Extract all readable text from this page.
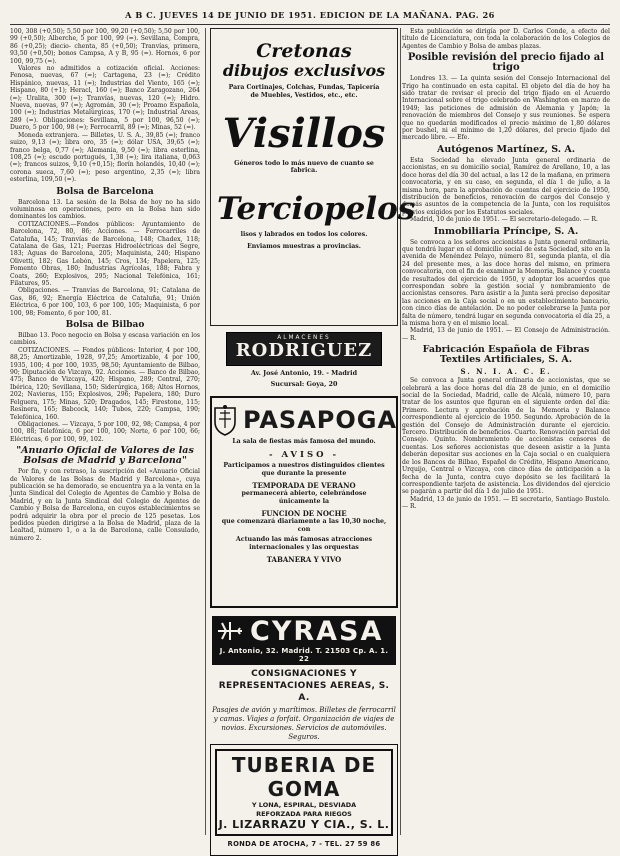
A B C. JUEVES 14 DE JUNIO DE 1951. EDICION DE LA MAÑANA. PAG. 26

100, 308 (+0,50); 5,50 por 100, 99,20 (+0,50); 5,50 por 100, 99 (+0,50); Alberche, 5 por 100, 99 (=). Sevillana, Compra, 86 (+0,25); diecio- chenta, 85 (+0,50); Tranvías, primera, 93,50 (+0,50); bonos Campsa, A y B, 95 (=). Hornos, 6 por 100, 99,75 (=).

Valores no admitidos a cotización oficial. Acciones: Fenosa, nuevas, 67 (=); Cartagena, 23 (=); Crédito Hispánico, nuevas, 11 (=); Industrias del Viento, 165 (=); Hispano, 80 (+1); Heracl, 160 (=); Banco Zaragozano, 264 (=); Uralita, 300 (=); Tranvías, nuevas, 120 (=); Hidro. Nueva, nuevas, 97 (=); Agromán, 30 (=); Proamo Española, 100 (=); Industrias Metalúrgicas, 170 (=); Industrial Areas, 289 (=). Obligaciones: Sevillana, 5 por 100, 96,50 (=); Duero, 5 por 100, 98 (=); Ferrocarril, 89 (=); Minas, 52 (=).

Moneda extranjera. — Billetes, U. S. A., 39,85 (=); franco suizo, 9,13 (=); libra oro, 35 (=); dólar USA, 39,65 (=); franco belga, 0,77 (=); Alemania, 9,50 (=); libra esterlina, 108,25 (=); escudo portugués, 1,38 (=); lira italiana, 0,063 (=); francos suizos, 9,10 (+0,15); florín holandés, 10,40 (=); corona sueca, 7,60 (=); peso argentino, 2,35 (=); libra esterlina, 109,50 (=).

Bolsa de Barcelona

Barcelona 13. La sesión de la Bolsa de hoy no ha sido voluminosa en operaciones, pero en la Bolsa han sido dominantes los cambios.

COTIZACIONES.—Fondos públicos: Ayuntamiento de Barcelona, 72, 80, 86; Acciones. — Ferrocarriles de Cataluña, 145; Tranvías de Barcelona, 148; Chadex, 118; Catalana de Gas, 121; Fuerzas Hidroeléctricas del Segre, 183; Aguas de Barcelona, 205; Maquinista, 240; Hispano Olivetti, 182; Gas Lebón, 145; Cros, 134; Papelera, 125; Fomento Obras, 180; Industrias Agrícolas, 188; Fabra y Coats, 260; Explosivos, 295; Nacional Telefónica, 161; Filatures, 95.

Obligaciones. — Tranvías de Barcelona, 91; Catalana de Gas, 86, 92; Energía Eléctrica de Cataluña, 91; Unión Eléctrica, 6 por 100, 103, 6 por 100, 105; Maquinista, 6 por 100, 98; Fomento, 6 por 100, 81.

Bolsa de Bilbao

Bilbao 13. Poco negocio en Bolsa y escasa variación en los cambios.

COTIZACIONES. — Fondos públicos: Interior, 4 por 100, 88,25; Amortizable, 1928, 97,25; Amortizable, 4 por 100, 1935, 100; 4 por 100, 1935, 98,50; Ayuntamiento de Bilbao, 90; Diputación de Vizcaya, 92. Acciones. — Banco de Bilbao, 475; Banco de Vizcaya, 420; Hispano, 289; Central, 270; Ibérica, 120; Sevillana, 150; Siderúrgica, 168; Altos Hornos, 202; Navieras, 155; Explosivos, 296; Papelera, 180; Duro Felguera, 175; Minas, 520; Dragados, 145; Firestone, 115; Resinera, 165; Babcock, 140; Tubos, 220; Campsa, 190; Telefónica, 160.

Obligaciones. — Vizcaya, 5 por 100, 92, 98; Campsa, 4 por 100, 88; Telefónica, 6 por 100, 100; Norte, 6 por 100, 66; Eléctricas, 6 por 100, 99, 102.

"Anuario Oficial de Valores de las Bolsas de Madrid y Barcelona"

Por fin, y con retraso, la suscripción del «Anuario Oficial de Valores de las Bolsas de Madrid y Barcelona», cuya publicación se ha demorado, se encuentra ya a la venta en la Junta Sindical del Colegio de Agentes de Cambio y Bolsa de Madrid, y en la Junta Sindical del Colegio de Agentes de Cambio y Bolsa de Barcelona, en cuyos establecimientos se podrá adquirir la obra por el precio de 125 pesetas. Los pedidos pueden dirigirse a la Bolsa de Madrid, plaza de la Lealtad, número 1, o a la de Barcelona, calle Consulado, número 2.

Cretonas

dibujos exclusivos

Para Cortinajes, Colchas, Fundas, Tapicería de Muebles, Vestidos, etc., etc.

Visillos

Géneros todo lo más nuevo de cuanto se fabrica.

Terciopelos

lisos y labrados en todos los colores.

Enviamos muestras a provincias.

ALMACENES
RODRIGUEZ
Av. José Antonio, 19. - Madrid
Sucursal: Goya, 20
PASAPOGA
La sala de fiestas más famosa del mundo.
- AVISO -
Participamos a nuestros distinguidos clientes que durante la presente
TEMPORADA DE VERANO
permanecerá abierto, celebrándose únicamente la
FUNCION DE NOCHE
que comenzará diariamente a las 10,30 noche, con
Actuando las más famosas atracciones internacionales y las orquestas
TABANERA Y VIVO
CYRASA
J. Antonio, 32. Madrid. T. 21503 Cp. A. 1. 22
CONSIGNACIONES Y REPRESENTACIONES AEREAS, S. A.
Pasajes de avión y marítimos. Billetes de ferrocarril y camas. Viajes a forfait. Organización de viajes de novios. Excursiones. Servicios de automóviles. Seguros.
TUBERIA DE GOMA
Y LONA, ESPIRAL, DESVIADA
REFORZADA PARA RIEGOS
J. LIZARRAZU Y CIA., S. L.
RONDA DE ATOCHA, 7 - TEL. 27 59 86

Esta publicación se dirigía por D. Carlos Conde, a efecto del título de Licenciatura, con toda la colaboración de los Colegios de Agentes de Cambio y Bolsa de ambas plazas.

Posible revisión del precio fijado al trigo

Londres 13. — La quinta sesión del Consejo Internacional del Trigo ha continuado en esta capital. El objeto del día de hoy ha sido tratar de revisar el precio del trigo fijado en el Acuerdo Internacional sobre el trigo celebrado en Washington en marzo de 1949; las peticiones de admisión de Alemania y Japón; la renovación de miembros del Consejo y sus reuniones. Se espera que no quedarán modificados el precio máximo de 1,80 dólares por bushel, ni el mínimo de 1,20 dólares, del precio fijado del mercado libre. — Efe.

Autógenos Martínez, S. A.

Esta Sociedad ha elevado Junta general ordinaria de accionistas, en su domicilio social, Ramírez de Arellano, 10, a las doce horas del día 30 del actual, a las 12 de la mañana, en primera convocatoria, y en su caso, en segunda, el día 1 de julio, a la misma hora, para la aprobación de cuentas del ejercicio de 1950, distribución de beneficios, renovación de cargos del Consejo y demás asuntos de la competencia de la Junta, con los requisitos previos exigidos por los Estatutos sociales.

Madrid, 10 de junio de 1951. — El secretario-delegado. — R.

Inmobiliaria Príncipe, S. A.

Se convoca a los señores accionistas a Junta general ordinaria, que tendrá lugar en el domicilio social de esta Sociedad, sito en la avenida de Menéndez Pelayo, número 81, segunda planta, el día 24 del presente mes, a las doce horas del mismo, en primera convocatoria, con el fin de examinar la Memoria, Balance y cuenta de resultados del ejercicio de 1950, y adoptar los acuerdos que correspondan sobre la gestión social y nombramiento de accionistas censores. Para asistir a la Junta será preciso depositar las acciones en la Caja social o en un establecimiento bancario, con cinco días de antelación. De no poder celebrarse la Junta por falta de número, tendrá lugar en segunda convocatoria el día 25, a la misma hora y en el mismo local.

Madrid, 13 de junio de 1951. — El Consejo de Administración. — R.

Fabricación Española de Fibras Textiles Artificiales, S. A.
S. N. I. A. C. E.

Se convoca a Junta general ordinaria de accionistas, que se celebrará a las doce horas del día 28 de junio, en el domicilio social de la Sociedad, Madrid, calle de Alcalá, número 10, para tratar de los asuntos que figuran en el siguiente orden del día: Primero. Lectura y aprobación de la Memoria y Balance correspondiente al ejercicio de 1950. Segundo. Aprobación de la gestión del Consejo de Administración durante el ejercicio. Tercero. Distribución de beneficios. Cuarto. Renovación parcial del Consejo. Quinto. Nombramiento de accionistas censores de cuentas. Los señores accionistas que deseen asistir a la Junta deberán depositar sus acciones en la Caja social o en cualquiera de los Bancos de Bilbao, Español de Crédito, Hispano Americano, Urquijo, Central o Vizcaya, con cinco días de anticipación a la fecha de la Junta, contra cuyo depósito se les facilitará la correspondiente tarjeta de asistencia. Los dividendos del ejercicio se pagarán a partir del día 1 de julio de 1951.

Madrid, 13 de junio de 1951. — El secretario, Santiago Bustelo. — R.
